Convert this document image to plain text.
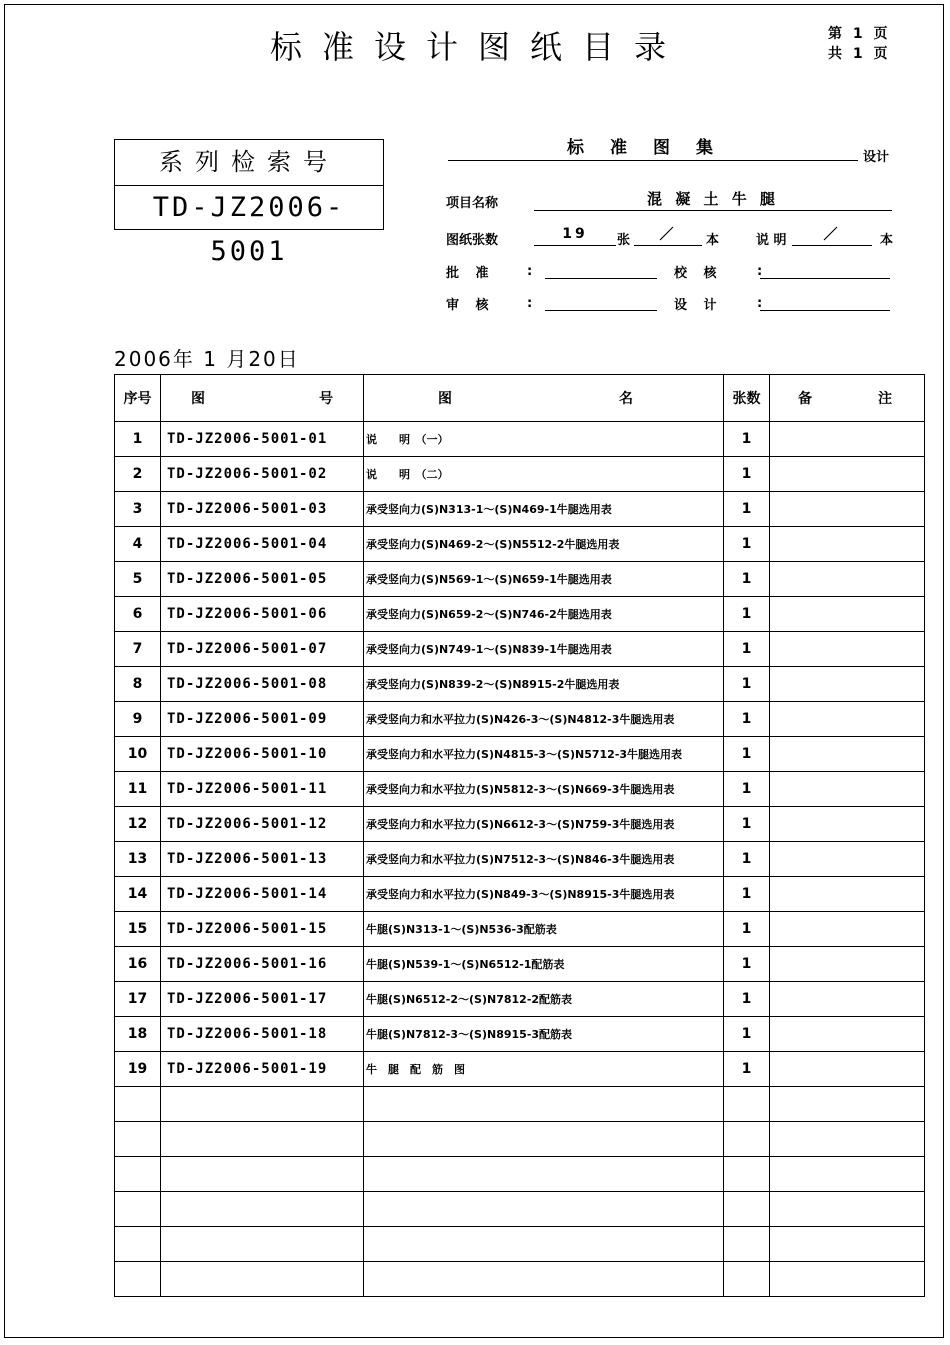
标准设计图纸目录	第 1 页
共 1 页
系列检索号
TD-JZ2006-5001
标准图集	设计
项目名称	混 凝 土 牛 腿
图纸张数	19	张	／	本	说 明	／	本
批 准 :	校 核	:
审 核 :	设 计	:
2006年 1 月20日
序号	图 号	图 名	张数	备 注

1	TD-JZ2006-5001-01	说　　明　（一）	1	
2	TD-JZ2006-5001-02	说　　明　（二）	1	
3	TD-JZ2006-5001-03	承受竖向力(S)N313-1～(S)N469-1牛腿选用表	1	
4	TD-JZ2006-5001-04	承受竖向力(S)N469-2～(S)N5512-2牛腿选用表	1	
5	TD-JZ2006-5001-05	承受竖向力(S)N569-1～(S)N659-1牛腿选用表	1	
6	TD-JZ2006-5001-06	承受竖向力(S)N659-2～(S)N746-2牛腿选用表	1	
7	TD-JZ2006-5001-07	承受竖向力(S)N749-1～(S)N839-1牛腿选用表	1	
8	TD-JZ2006-5001-08	承受竖向力(S)N839-2～(S)N8915-2牛腿选用表	1	
9	TD-JZ2006-5001-09	承受竖向力和水平拉力(S)N426-3～(S)N4812-3牛腿选用表	1	
10	TD-JZ2006-5001-10	承受竖向力和水平拉力(S)N4815-3～(S)N5712-3牛腿选用表	1	
11	TD-JZ2006-5001-11	承受竖向力和水平拉力(S)N5812-3～(S)N669-3牛腿选用表	1	
12	TD-JZ2006-5001-12	承受竖向力和水平拉力(S)N6612-3～(S)N759-3牛腿选用表	1	
13	TD-JZ2006-5001-13	承受竖向力和水平拉力(S)N7512-3～(S)N846-3牛腿选用表	1	
14	TD-JZ2006-5001-14	承受竖向力和水平拉力(S)N849-3～(S)N8915-3牛腿选用表	1	
15	TD-JZ2006-5001-15	牛腿(S)N313-1～(S)N536-3配筋表	1	
16	TD-JZ2006-5001-16	牛腿(S)N539-1～(S)N6512-1配筋表	1	
17	TD-JZ2006-5001-17	牛腿(S)N6512-2～(S)N7812-2配筋表	1	
18	TD-JZ2006-5001-18	牛腿(S)N7812-3～(S)N8915-3配筋表	1	
19	TD-JZ2006-5001-19	牛　腿　配　筋　图	1	
